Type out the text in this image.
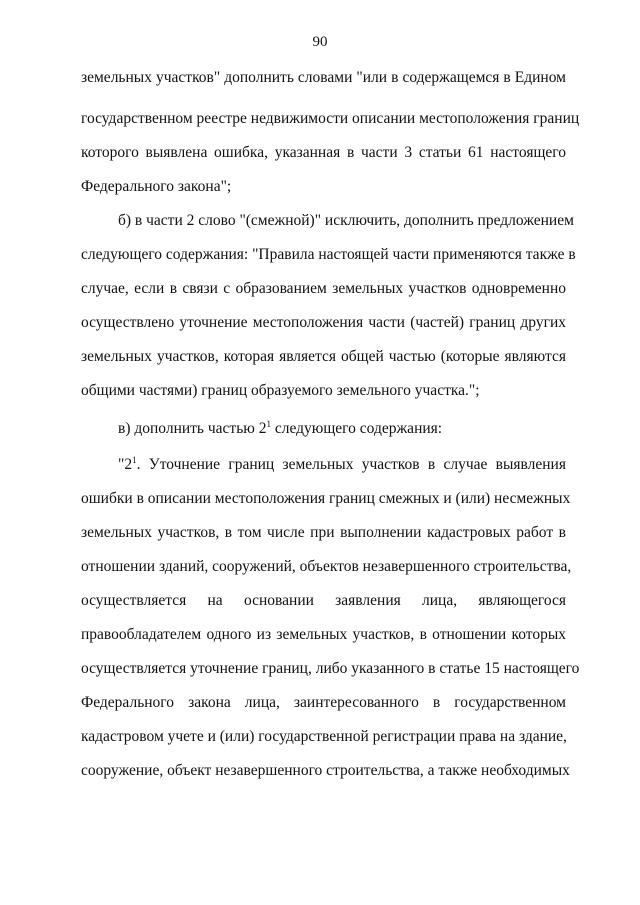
90
земельных участков" дополнить словами "или в содержащемся в Едином
государственном реестре недвижимости описании местоположения границ
которого выявлена ошибка, указанная в части 3 статьи 61 настоящего
Федерального закона";
б) в части 2 слово "(смежной)" исключить, дополнить предложением
следующего содержания: "Правила настоящей части применяются также в
случае, если в связи с образованием земельных участков одновременно
осуществлено уточнение местоположения части (частей) границ других
земельных участков, которая является общей частью (которые являются
общими частями) границ образуемого земельного участка.";
в) дополнить частью $2^1$ следующего содержания:
"$2^1$. Уточнение границ земельных участков в случае выявления
ошибки в описании местоположения границ смежных и (или) несмежных
земельных участков, в том числе при выполнении кадастровых работ в
отношении зданий, сооружений, объектов незавершенного строительства,
осуществляется на основании заявления лица, являющегося
правообладателем одного из земельных участков, в отношении которых
осуществляется уточнение границ, либо указанного в статье 15 настоящего
Федерального закона лица, заинтересованного в государственном
кадастровом учете и (или) государственной регистрации права на здание,
сооружение, объект незавершенного строительства, а также необходимых
